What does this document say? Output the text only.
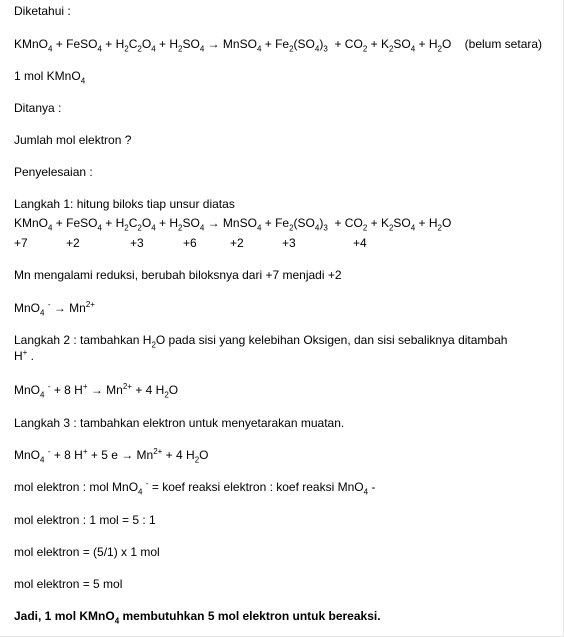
Diketahui :
KMnO$_4$ + FeSO$_4$ + $H_2C_2O_4 + H_2SO_4$ → MnSO$_4$ + $Fe_2(SO_4)_3 + CO_2 + K_2SO_4 + H_2O$    (belum setara)
1 mol KMnO$_4$
Ditanya :
Jumlah mol elektron ?
Penyelesaian :
Langkah 1: hitung biloks tiap unsur diatas
KMnO$_4$ + FeSO$_4$ + $H_2C_2O_4 + H_2SO_4$ → MnSO$_4$ + $Fe_2(SO_4)_3 + CO_2 + K_2SO_4 + H_2O$
+7	+2	+3	+6	+2	+3	+4
Mn mengalami reduksi, berubah biloksnya dari +7 menjadi +2
MnO$_4$ $^- \to Mn^{2+}$
Langkah 2 : tambahkan $H_2O$ pada sisi yang kelebihan Oksigen, dan sisi sebaliknya ditambah
H+ .
MnO$_4$ - + 8 $H^+ \to Mn^{2+} + 4$ $H_2O$
Langkah 3 : tambahkan elektron untuk menyetarakan muatan.
MnO$_4$ - + 8 H+ + 5 $e \to Mn^{2+} + 4$ $H_2O$
mol elektron : mol MnO$_4$ - = koef reaksi elektron : koef reaksi MnO$_4$ -
mol elektron : 1 mol = 5 : 1
mol elektron = (5/1) x 1 mol
mol elektron = 5 mol
Jadi, 1 mol KMnO$_4$ membutuhkan 5 mol elektron untuk bereaksi.
